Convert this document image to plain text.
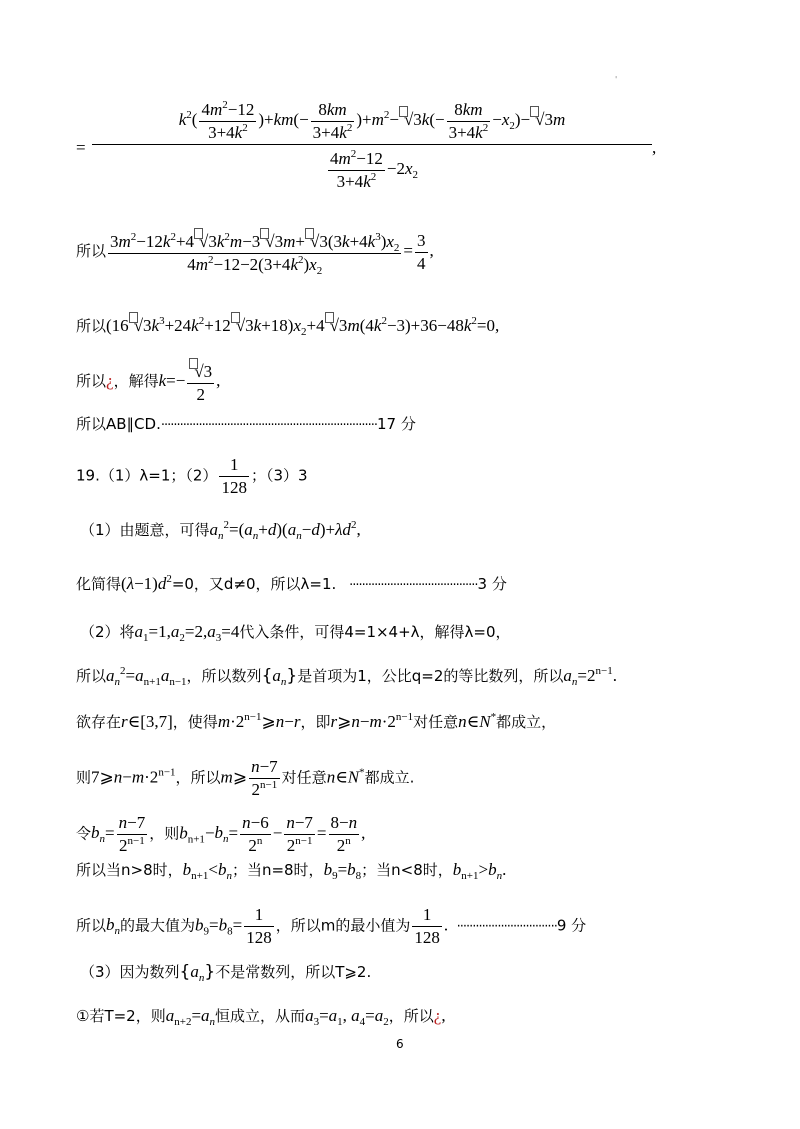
'
= $\frac{k^2( \frac{4m^2-12}{3+4k^2} )+km(- \frac{8km}{3+4k^2} )+m^2- √3k(- \frac{8km}{3+4k^2} -x_2)- √3m}{\frac{4m^2-12}{3+4k^2} -2x_2}$ ,
所以 $\frac{3m^2-12k^2+4 √3k^2m-3 √3m+ √3(3k+4k^3)x_2}{4m^2-12-2(3+4k^2)x_2} = \frac{3}{4}$ ,
所以(16 $√3k^3+24k^2+12$ $√3k+18)x_2+4$ $√3m(4k^2-3)+36-48k^2=0$,
所以¿，解得$k=- \frac{√3}{2}$ ,
所以AB∥CD.·····································································17 分
19.（1）λ=1；$(2) \frac{1}{128}$ ；（3）3
（1）由题意，可得$a_n^2=(a_n+d)(a_n-d)+\lambda d^2$,
化简得$(\lambda-1)d^2=0$，又d≠0，所以λ=1. ·········································3 分
（2）将$a_1=1,a_2=2,a_3=4$代入条件，可得4=1×4+λ，解得λ=0，
所以$a_n^2=a_{n+1}a_{n-1}$，所以数列$\{a_n\}$是首项为1，公比q=2的等比数列，所以$a_n=2^{n-1}$.
欲存在r∈[3,7]，使得$m\cdot 2^{n-1}⩾n-r$，即$r⩾n-m\cdot 2^{n-1}$对任意n∈N*都成立，
则$7⩾n-m\cdot 2^{n-1}$，所以m⩾ $\frac{n-7}{2^{n-1}}$ 对任意n∈N*都成立.
令$b_n= \frac{n-7}{2^{n-1}}$ ，则$b_{n+1}-b_n= \frac{n-6}{2^n} - \frac{n-7}{2^{n-1}} = \frac{8-n}{2^n}$ ,
所以当n>8时，$b_{n+1}<b_n$；当n=8时，$b_9=b_8$；当n<8时，$b_{n+1}>b_n$.
所以$b_n$的最大值为$b_9=b_8= \frac{1}{128}$ ，所以m的最小值为 $\frac{1}{128}$ .  ································9 分
（3）因为数列$\{a_n\}$不是常数列，所以T⩾2.
①若T=2，则$a_{n+2}=a_n$恒成立，从而$a_3=a_1$, $a_4=a_2$，所以¿,
6
